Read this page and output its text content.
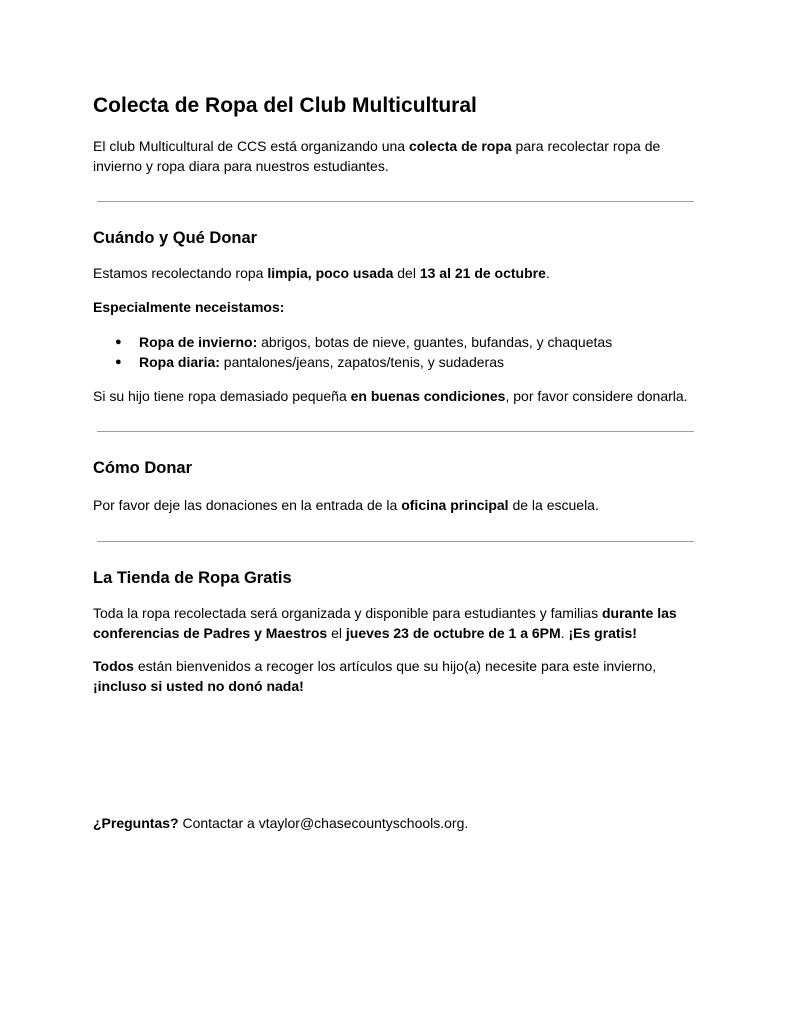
Colecta de Ropa del Club Multicultural

El club Multicultural de CCS está organizando una colecta de ropa para recolectar ropa de invierno y ropa diara para nuestros estudiantes.

Cuándo y Qué Donar

Estamos recolectando ropa limpia, poco usada del 13 al 21 de octubre.

Especialmente neceistamos:

● Ropa de invierno: abrigos, botas de nieve, guantes, bufandas, y chaquetas
● Ropa diaria: pantalones/jeans, zapatos/tenis, y sudaderas

Si su hijo tiene ropa demasiado pequeña en buenas condiciones, por favor considere donarla.

Cómo Donar

Por favor deje las donaciones en la entrada de la oficina principal de la escuela.

La Tienda de Ropa Gratis

Toda la ropa recolectada será organizada y disponible para estudiantes y familias durante las conferencias de Padres y Maestros el jueves 23 de octubre de 1 a 6PM. ¡Es gratis!

Todos están bienvenidos a recoger los artículos que su hijo(a) necesite para este invierno, ¡incluso si usted no donó nada!

¿Preguntas? Contactar a vtaylor@chasecountyschools.org.
